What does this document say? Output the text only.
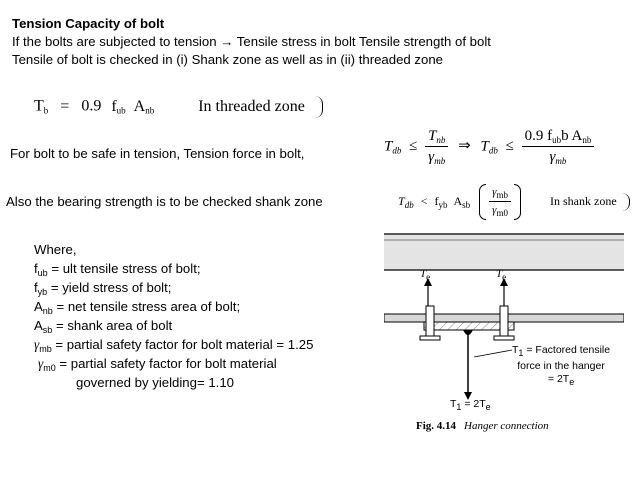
Tension Capacity of bolt
If the bolts are subjected to tension → Tensile stress in bolt Tensile strength of bolt
Tensile of bolt is checked in (i) Shank zone as well as in (ii) threaded zone
$T_b = 0.9$ $f_{ub}$ $A_{nb}$	In threaded zone
For bolt to be safe in tension, Tension force in bolt,	$T_{db} \le \frac{T_{nb}}{\gamma_{mb}}$ ⇒ $T_{db} \le \frac{0.9 f_{ub}b A_{nb}}{\gamma_{mb}}$
Also the bearing strength is to be checked shank zone	$T_{db} < f_{yb}$ $A_{sb} \frac{\gamma_{mb}}{\gamma_{m0}}$	In shank zone
Where,
$f_{ub}$ = ult tensile stress of bolt;
$f_{yb}$ = yield stress of bolt;
$A_{nb}$ = net tensile stress area of bolt;
$A_{sb}$ = shank area of bolt
$\gamma_{mb}$ = partial safety factor for bolt material = 1.25
$\gamma_{m0}$ = partial safety factor for bolt material
governed by yielding= 1.10
$T_e$	$T_e$
T1 = Factored tensile
force in the hanger
= 2Te
T1 = 2Te
Fig. 4.14 Hanger connection
